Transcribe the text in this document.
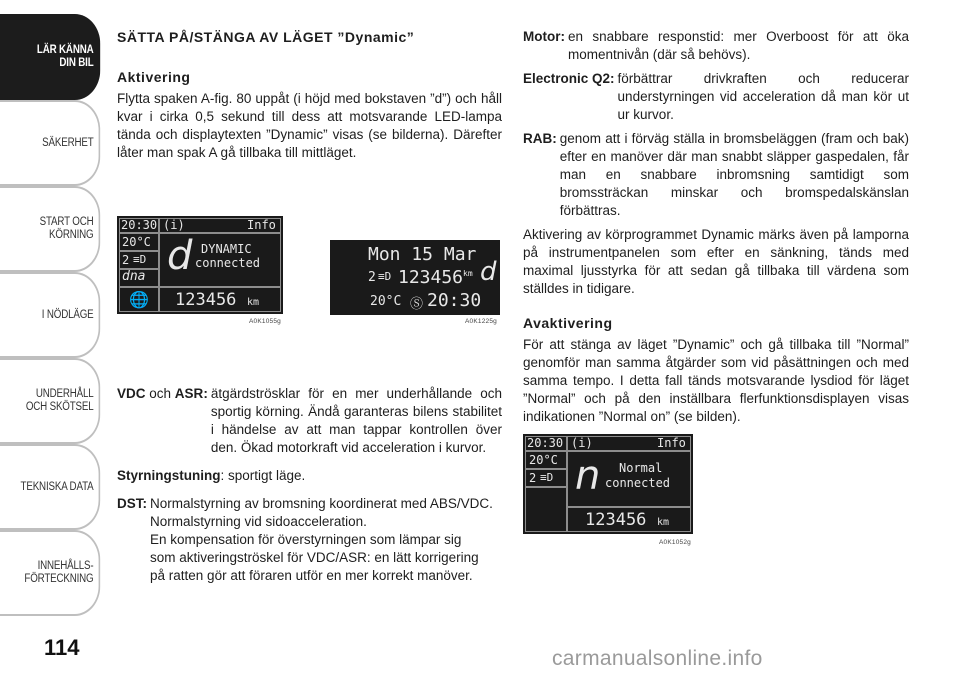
LÄR KÄNNA
DIN BIL
SÄKERHET
START OCH
KÖRNING
I NÖDLÄGE
UNDERHÅLL
OCH SKÖTSEL
TEKNISKA DATA
INNEHÅLLS-
FÖRTECKNING
114
SÄTTA PÅ/STÄNGA AV LÄGET ”Dynamic”
Aktivering

Flytta spaken A-fig. 80 uppåt (i höjd med bokstaven ”d”) och håll kvar i cirka 0,5 sekund till dess att motsvarande LED-lampa tända och displaytexten ”Dynamic” visas (se bilderna). Därefter låter man spak A gå tillbaka till mittläget.

20:30 (i)	Info
20°C
2 ≡D
dna
🌐
d DYNAMIC
connected
123456 km
A0K1055g
Mon 15 Mar
2 ≡D 123456 km d
20°C Ⓢ 20:30
A0K1225g
VDC och ASR: ätgärdströsklar för en mer underhållande och sportig körning. Ändå garanteras bilens stabilitet i händelse av att man tappar kontrollen över den. Ökad motorkraft vid acceleration i kurvor.
Styrningstuning: sportigt läge.
DST: Normalstyrning av bromsning koordinerat med ABS/VDC.
Normalstyrning vid sidoacceleration.
En kompensation för överstyrningen som lämpar sig
som aktiveringströskel för VDC/ASR: en lätt korrigering
på ratten gör att föraren utför en mer korrekt manöver.
Motor: en snabbare responstid: mer Overboost för att öka momentnivån (där så behövs).
Electronic Q2: förbättrar drivkraften och reducerar understyrningen vid acceleration då man kör ut ur kurvor.
RAB: genom att i förväg ställa in bromsbeläggen (fram och bak) efter en manöver där man snabbt släpper gaspedalen, får man en snabbare inbromsning samtidigt som bromssträckan minskar och bromspedalskänslan förbättras.

Aktivering av körprogrammet Dynamic märks även på lamporna på instrumentpanelen som efter en sänkning, tänds med maximal ljusstyrka för att sedan gå tillbaka till värdena som ställdes in tidigare.

Avaktivering

För att stänga av läget ”Dynamic” och gå tillbaka till ”Normal” genomför man samma åtgärder som vid påsättningen och med samma tempo. I detta fall tänds motsvarande lysdiod för läget ”Normal” och på den inställbara flerfunktionsdisplayen visas indikationen ”Normal on” (se bilden).

20:30 (i)	Info
20°C
2 ≡D n Normal
connected
123456 km
A0K1052g
carmanualsonline.info
